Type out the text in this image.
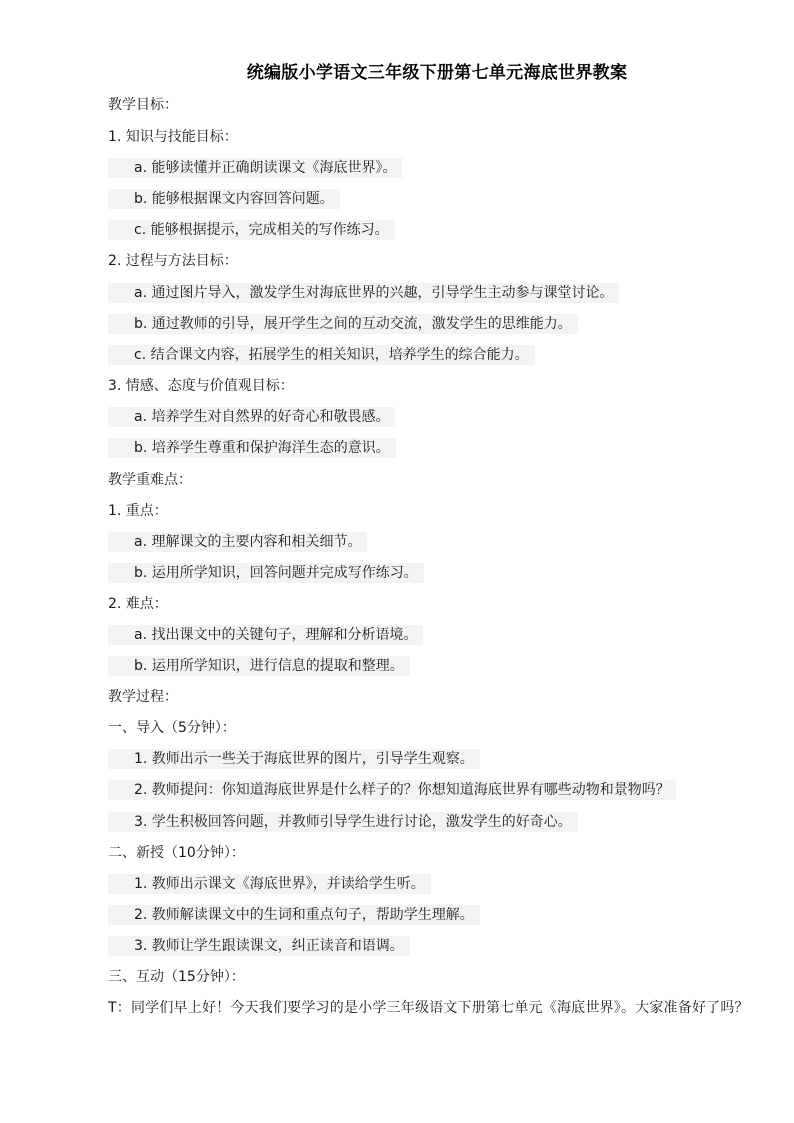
统编版小学语文三年级下册第七单元海底世界教案
教学目标：
1. 知识与技能目标：
a. 能够读懂并正确朗读课文《海底世界》。
b. 能够根据课文内容回答问题。
c. 能够根据提示，完成相关的写作练习。
2. 过程与方法目标：
a. 通过图片导入，激发学生对海底世界的兴趣，引导学生主动参与课堂讨论。
b. 通过教师的引导，展开学生之间的互动交流，激发学生的思维能力。
c. 结合课文内容，拓展学生的相关知识，培养学生的综合能力。
3. 情感、态度与价值观目标：
a. 培养学生对自然界的好奇心和敬畏感。
b. 培养学生尊重和保护海洋生态的意识。
教学重难点：
1. 重点：
a. 理解课文的主要内容和相关细节。
b. 运用所学知识，回答问题并完成写作练习。
2. 难点：
a. 找出课文中的关键句子，理解和分析语境。
b. 运用所学知识，进行信息的提取和整理。
教学过程：
一、导入（5分钟）：
1. 教师出示一些关于海底世界的图片，引导学生观察。
2. 教师提问：你知道海底世界是什么样子的？你想知道海底世界有哪些动物和景物吗？
3. 学生积极回答问题，并教师引导学生进行讨论，激发学生的好奇心。
二、新授（10分钟）：
1. 教师出示课文《海底世界》，并读给学生听。
2. 教师解读课文中的生词和重点句子，帮助学生理解。
3. 教师让学生跟读课文，纠正读音和语调。
三、互动（15分钟）：
T：同学们早上好！今天我们要学习的是小学三年级语文下册第七单元《海底世界》。大家准备好了吗？
